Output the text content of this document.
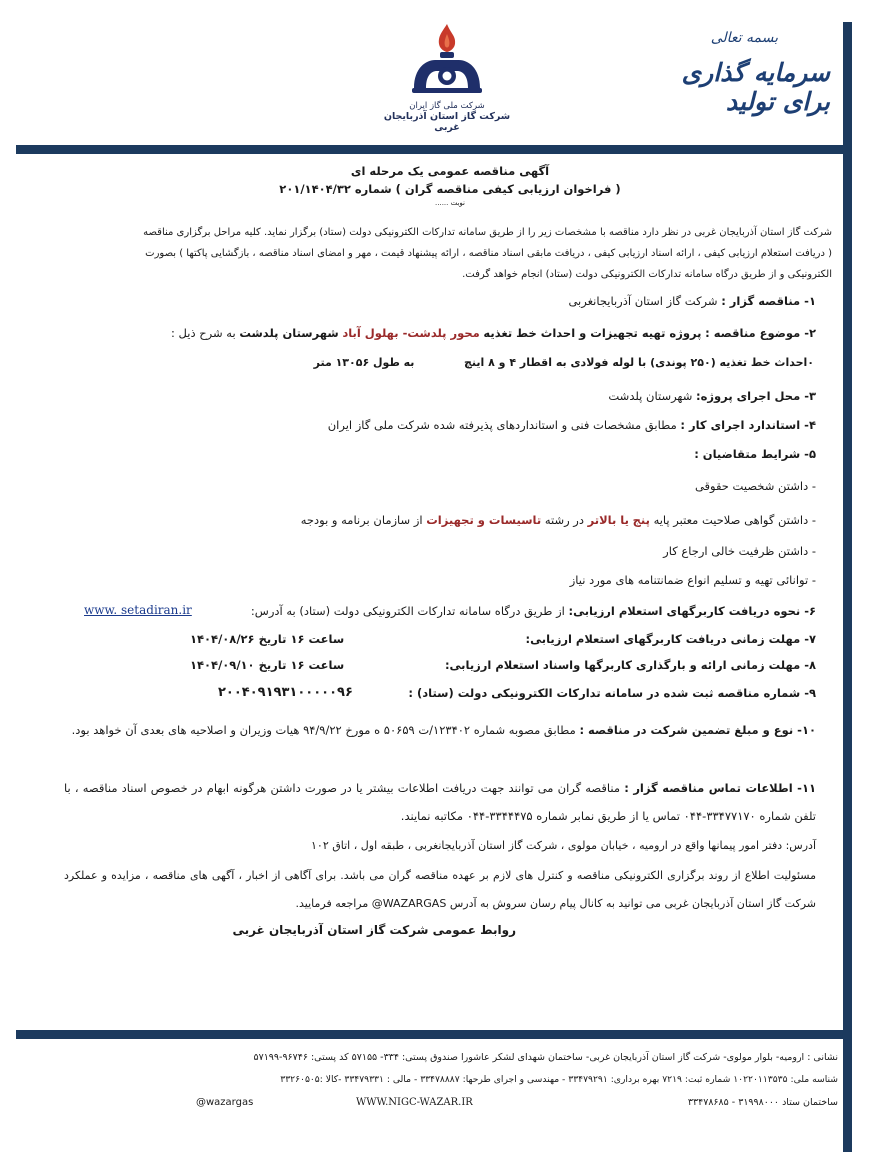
شرکت ملی گاز ایران
شرکت گاز استان آذربایجان غربی
بسمه تعالی
سرمایه گذاری برای تولید
آگهی مناقصه عمومی یک مرحله ای
( فراخوان ارزیابی کیفی مناقصه گران ) شماره ۲۰۱/۱۴۰۴/۳۲
نوبت ......
شرکت گاز استان آذربایجان غربی در نظر دارد مناقصه با مشخصات زیر را از طریق سامانه تدارکات الکترونیکی دولت (ستاد) برگزار نماید. کلیه مراحل برگزاری مناقصه
( دریافت استعلام ارزیابی کیفی ، ارائه اسناد ارزیابی کیفی ، دریافت مابقی اسناد مناقصه ، ارائه پیشنهاد قیمت ، مهر و امضای اسناد مناقصه ، بازگشایی پاکتها ) بصورت
الکترونیکی و از طریق درگاه سامانه تدارکات الکترونیکی دولت (ستاد) انجام خواهد گرفت.
۱- مناقصه گزار : شرکت گاز استان آذربایجانغربی
۲- موضوع مناقصه : پروژه تهیه تجهیزات و احداث خط تغذیه محور پلدشت- بهلول آباد شهرستان پلدشت به شرح ذیل :
۰احداث خط تغذیه (۲۵۰ پوندی) با لوله فولادی به اقطار ۴ و ۸ اینچ به طول ۱۳۰۵۶ متر
۳- محل اجرای پروژه: شهرستان پلدشت
۴- استاندارد اجرای کار : مطابق مشخصات فنی و استانداردهای پذیرفته شده شرکت ملی گاز ایران
۵- شرایط متقاضیان :
- داشتن شخصیت حقوقی
- داشتن گواهی صلاحیت معتبر پایه پنج یا بالاتر در رشته تاسیسات و تجهیزات از سازمان برنامه و بودجه
- داشتن ظرفیت خالی ارجاع کار
- توانائی تهیه و تسلیم انواع ضمانتنامه های مورد نیاز
۶- نحوه دریافت کاربرگهای استعلام ارزیابی: از طریق درگاه سامانه تدارکات الکترونیکی دولت (ستاد) به آدرس:
www. setadiran.ir
۷- مهلت زمانی دریافت کاربرگهای استعلام ارزیابی:
ساعت ۱۶ تاریخ ۱۴۰۴/۰۸/۲۶
۸- مهلت زمانی ارائه و بارگذاری کاربرگها واسناد استعلام ارزیابی:
ساعت ۱۶ تاریخ ۱۴۰۴/۰۹/۱۰
۹- شماره مناقصه ثبت شده در سامانه تدارکات الکترونیکی دولت (ستاد) :
۲۰۰۴۰۹۱۹۳۱۰۰۰۰۰۹۶
۱۰- نوع و مبلغ تضمین شرکت در مناقصه : مطابق مصوبه شماره ۱۲۳۴۰۲/ت ۵۰۶۵۹ ه مورخ ۹۴/۹/۲۲ هیات وزیران و اصلاحیه های بعدی آن خواهد بود.
۱۱- اطلاعات تماس مناقصه گزار : مناقصه گران می توانند جهت دریافت اطلاعات بیشتر یا در صورت داشتن هرگونه ابهام در خصوص اسناد مناقصه ، با تلفن شماره ۳۳۴۷۷۱۷۰-۰۴۴ تماس یا از طریق نمابر شماره ۳۳۴۴۴۷۵-۰۴۴ مکاتبه نمایند.
آدرس: دفتر امور پیمانها واقع در ارومیه ، خیابان مولوی ، شرکت گاز استان آذربایجانغربی ، طبقه اول ، اتاق ۱۰۲
مسئولیت اطلاع از روند برگزاری الکترونیکی مناقصه و کنترل های لازم بر عهده مناقصه گران می باشد. برای آگاهی از اخبار ، آگهی های مناقصه ، مزایده و عملکرد شرکت گاز استان آذربایجان غربی می توانید به کانال پیام رسان سروش به آدرس WAZARGAS@ مراجعه فرمایید.
روابط عمومی شرکت گاز استان آذربایجان غربی
نشانی : ارومیه- بلوار مولوی- شرکت گاز استان آذربایجان غربی- ساختمان شهدای لشکر عاشورا صندوق پستی: ۳۳۴- ۵۷۱۵۵ کد پستی: ۹۶۷۴۶-۵۷۱۹۹
شناسه ملی: ۱۰۲۲۰۱۱۳۵۳۵ شماره ثبت: ۷۲۱۹ بهره برداری: ۳۳۴۷۹۲۹۱ - مهندسی و اجرای طرحها: ۳۳۴۷۸۸۸۷ - مالی : ۳۳۴۷۹۳۳۱ -کالا :۳۳۲۶۰۵۰۵
ساختمان ستاد ۳۱۹۹۸۰۰۰ - ۳۳۴۷۸۶۸۵
WWW.NIGC-WAZAR.IR
@wazargas
